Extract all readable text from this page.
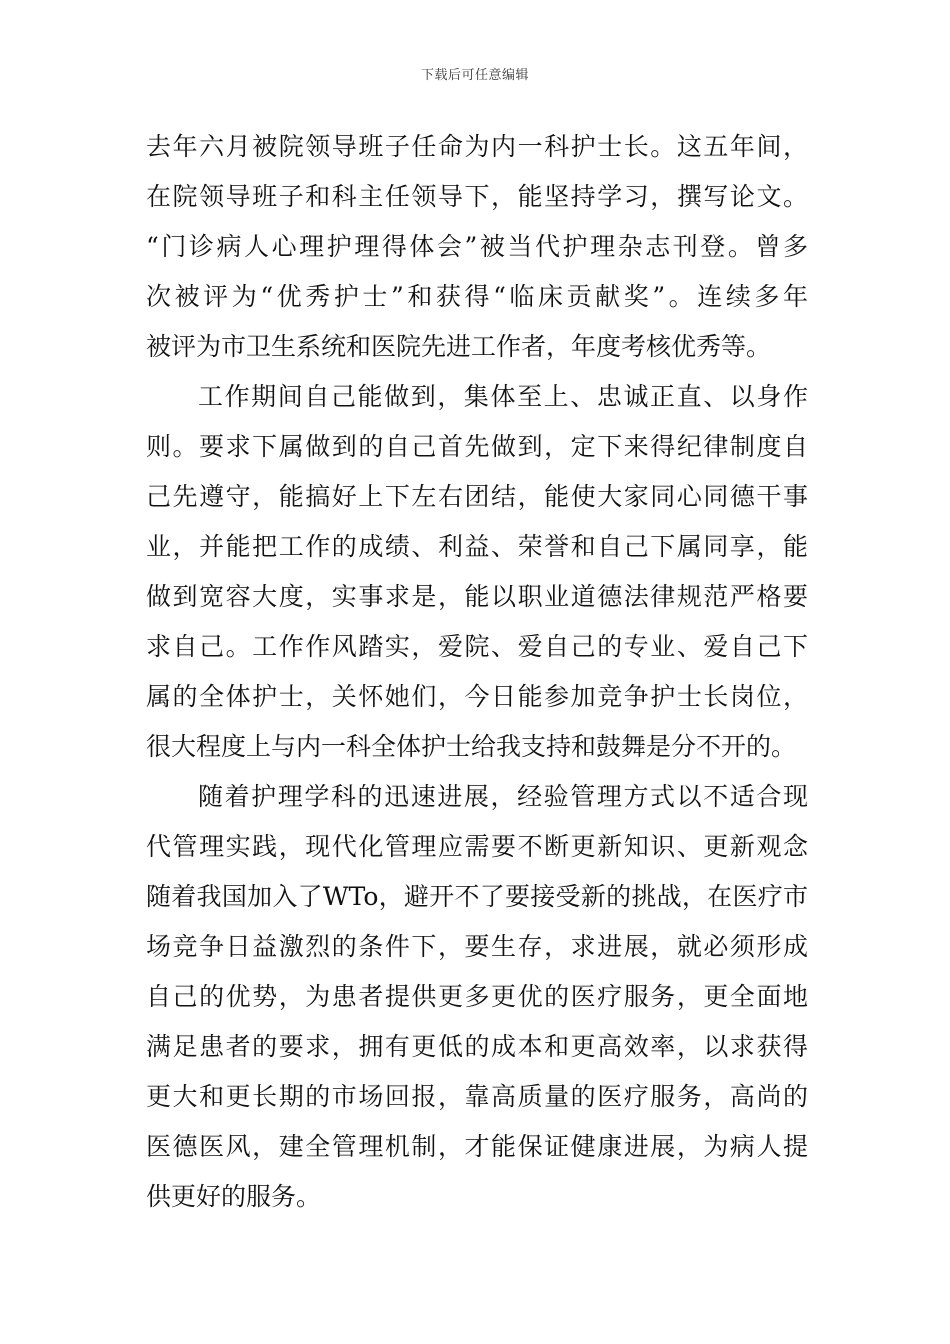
下载后可任意编辑
去年六月被院领导班子任命为内一科护士长。这五年间，
在院领导班子和科主任领导下，能坚持学习，撰写论文。
“门诊病人心理护理得体会”被当代护理杂志刊登。曾多
次被评为“优秀护士”和获得“临床贡献奖”。连续多年
被评为市卫生系统和医院先进工作者，年度考核优秀等。
工作期间自己能做到，集体至上、忠诚正直、以身作
则。要求下属做到的自己首先做到，定下来得纪律制度自
己先遵守，能搞好上下左右团结，能使大家同心同德干事
业，并能把工作的成绩、利益、荣誉和自己下属同享，能
做到宽容大度，实事求是，能以职业道德法律规范严格要
求自己。工作作风踏实，爱院、爱自己的专业、爱自己下
属的全体护士，关怀她们，今日能参加竞争护士长岗位，
很大程度上与内一科全体护士给我支持和鼓舞是分不开的。
随着护理学科的迅速进展，经验管理方式以不适合现
代管理实践，现代化管理应需要不断更新知识、更新观念
随着我国加入了WTo，避开不了要接受新的挑战，在医疗市
场竞争日益激烈的条件下，要生存，求进展，就必须形成
自己的优势，为患者提供更多更优的医疗服务，更全面地
满足患者的要求，拥有更低的成本和更高效率，以求获得
更大和更长期的市场回报，靠高质量的医疗服务，高尚的
医德医风，建全管理机制，才能保证健康进展，为病人提
供更好的服务。
